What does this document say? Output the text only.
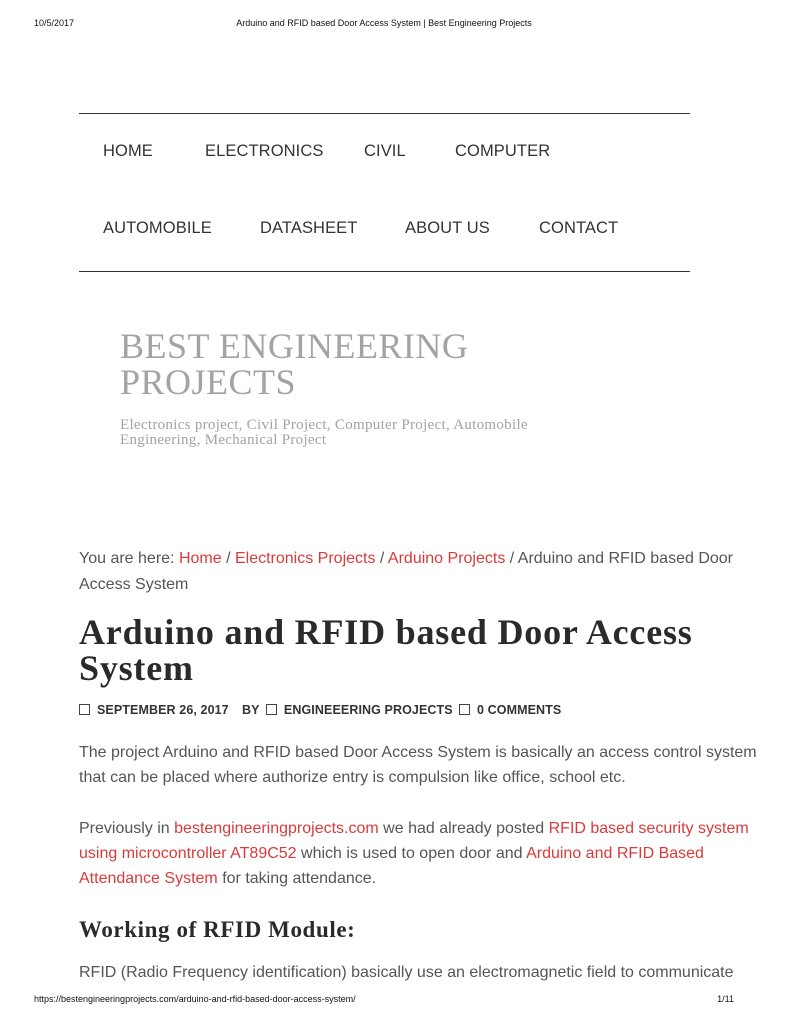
10/5/2017	Arduino and RFID based Door Access System | Best Engineering Projects
HOME	ELECTRONICS CIVIL	COMPUTER
AUTOMOBILE	DATASHEET	ABOUT US	CONTACT
BEST ENGINEERING
PROJECTS
Electronics project, Civil Project, Computer Project, Automobile
Engineering, Mechanical Project
You are here: Home / Electronics Projects / Arduino Projects / Arduino and RFID based Door Access System
Arduino and RFID based Door Access System
SEPTEMBER 26, 2017 BY ENGINEEERING PROJECTS	0 COMMENTS

The project Arduino and RFID based Door Access System is basically an access control system that can be placed where authorize entry is compulsion like office, school etc.

Previously in bestengineeringprojects.com we had already posted RFID based security system using microcontroller AT89C52 which is used to open door and Arduino and RFID Based Attendance System for taking attendance.

Working of RFID Module:

RFID (Radio Frequency identification) basically use an electromagnetic field to communicate

https://bestengineeringprojects.com/arduino-and-rfid-based-door-access-system/	1/11
